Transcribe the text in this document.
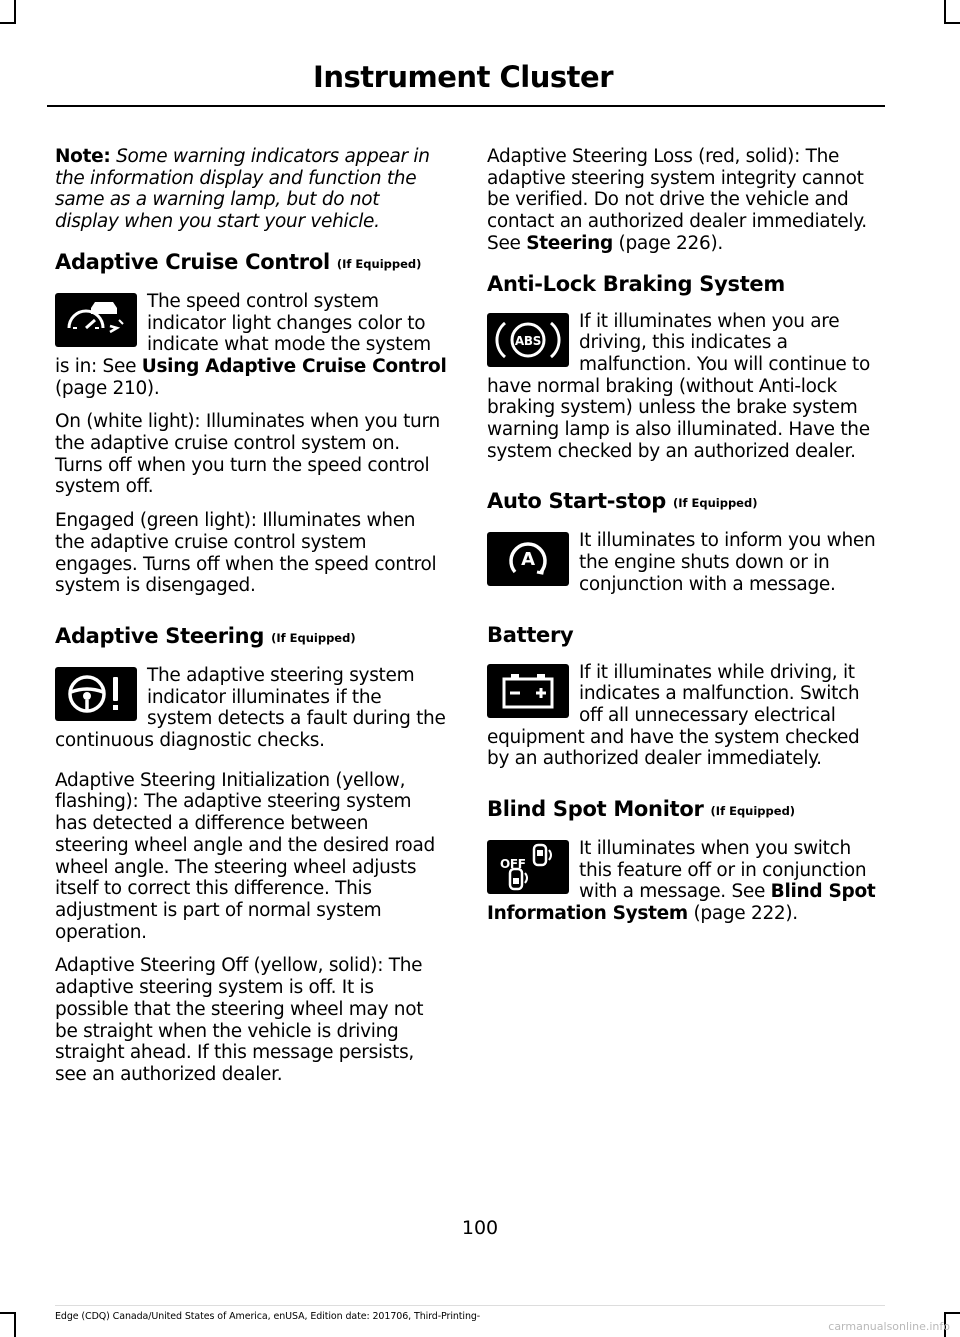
Instrument Cluster

Note: Some warning indicators appear in the information display and function the same as a warning lamp, but do not display when you start your vehicle.

Adaptive Cruise Control (If Equipped)

The speed control system indicator light changes color to indicate what mode the system is in: See Using Adaptive Cruise Control (page 210).

On (white light): Illuminates when you turn the adaptive cruise control system on. Turns off when you turn the speed control system off.

Engaged (green light): Illuminates when the adaptive cruise control system engages. Turns off when the speed control system is disengaged.

Adaptive Steering (If Equipped)

The adaptive steering system indicator illuminates if the system detects a fault during the continuous diagnostic checks.

Adaptive Steering Initialization (yellow, flashing): The adaptive steering system has detected a difference between steering wheel angle and the desired road wheel angle. The steering wheel adjusts itself to correct this difference. This adjustment is part of normal system operation.

Adaptive Steering Off (yellow, solid): The adaptive steering system is off. It is possible that the steering wheel may not be straight when the vehicle is driving straight ahead. If this message persists, see an authorized dealer.

Adaptive Steering Loss (red, solid): The adaptive steering system integrity cannot be verified. Do not drive the vehicle and contact an authorized dealer immediately. See Steering (page 226).

Anti-Lock Braking System

ABS
If it illuminates when you are driving, this indicates a malfunction. You will continue to have normal braking (without Anti-lock braking system) unless the brake system warning lamp is also illuminated. Have the system checked by an authorized dealer.

Auto Start-stop (If Equipped)

A
It illuminates to inform you when the engine shuts down or in conjunction with a message.

Battery

If it illuminates while driving, it indicates a malfunction. Switch off all unnecessary electrical equipment and have the system checked by an authorized dealer immediately.

Blind Spot Monitor (If Equipped)

OFF
It illuminates when you switch this feature off or in conjunction with a message. See Blind Spot Information System (page 222).

100
Edge (CDQ) Canada/United States of America, enUSA, Edition date: 201706, Third-Printing-
carmanualsonline.info
